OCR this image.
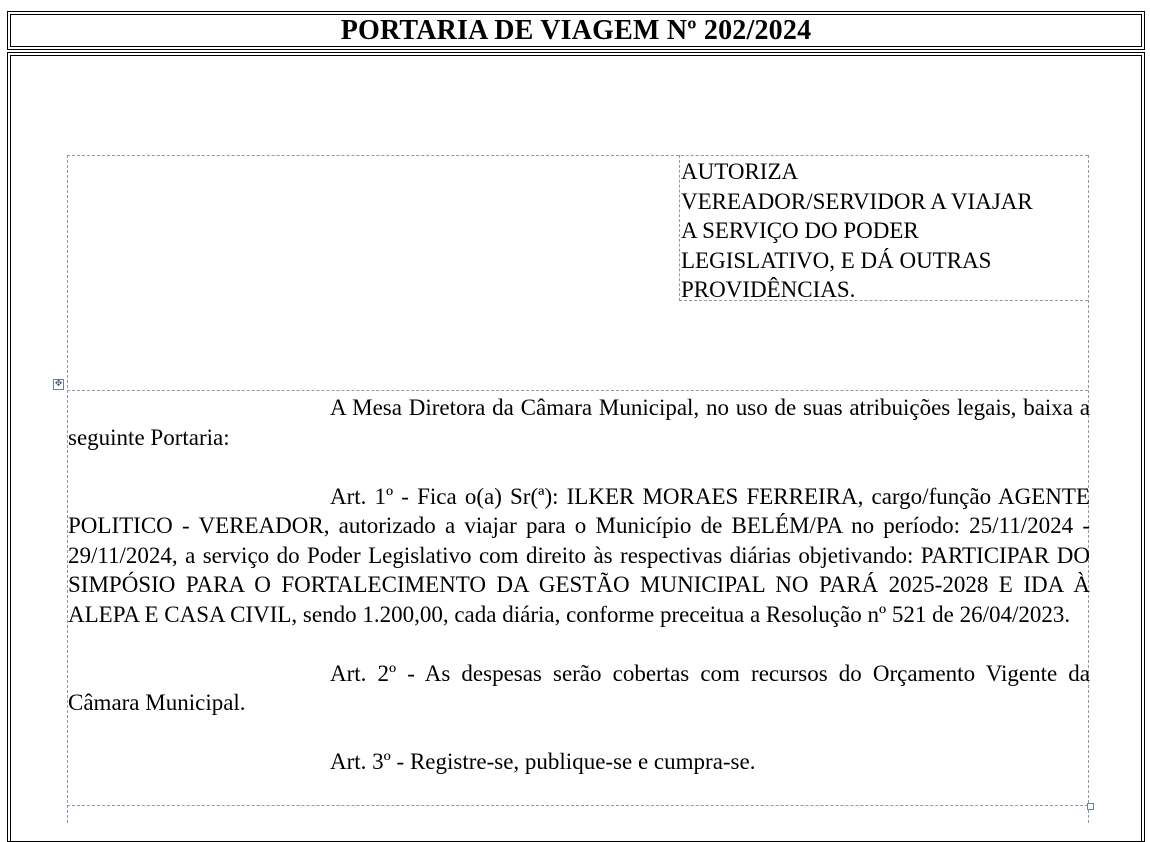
PORTARIA DE VIAGEM Nº 202/2024
✥
AUTORIZA
VEREADOR/SERVIDOR A VIAJAR
A SERVIÇO DO PODER
LEGISLATIVO, E DÁ OUTRAS
PROVIDÊNCIAS.

A Mesa Diretora da Câmara Municipal, no uso de suas atribuições legais, baixa a seguinte Portaria:

Art. 1º - Fica o(a) Sr(ª): ILKER MORAES FERREIRA, cargo/função AGENTE POLITICO - VEREADOR, autorizado a viajar para o Município de BELÉM/PA no período: 25/11/2024 - 29/11/2024, a serviço do Poder Legislativo com direito às respectivas diárias objetivando: PARTICIPAR DO SIMPÓSIO PARA O FORTALECIMENTO DA GESTÃO MUNICIPAL NO PARÁ 2025-2028 E IDA À ALEPA E CASA CIVIL, sendo 1.200,00, cada diária, conforme preceitua a Resolução nº 521 de 26/04/2023.

Art. 2º - As despesas serão cobertas com recursos do Orçamento Vigente da Câmara Municipal.

Art. 3º - Registre-se, publique-se e cumpra-se.
